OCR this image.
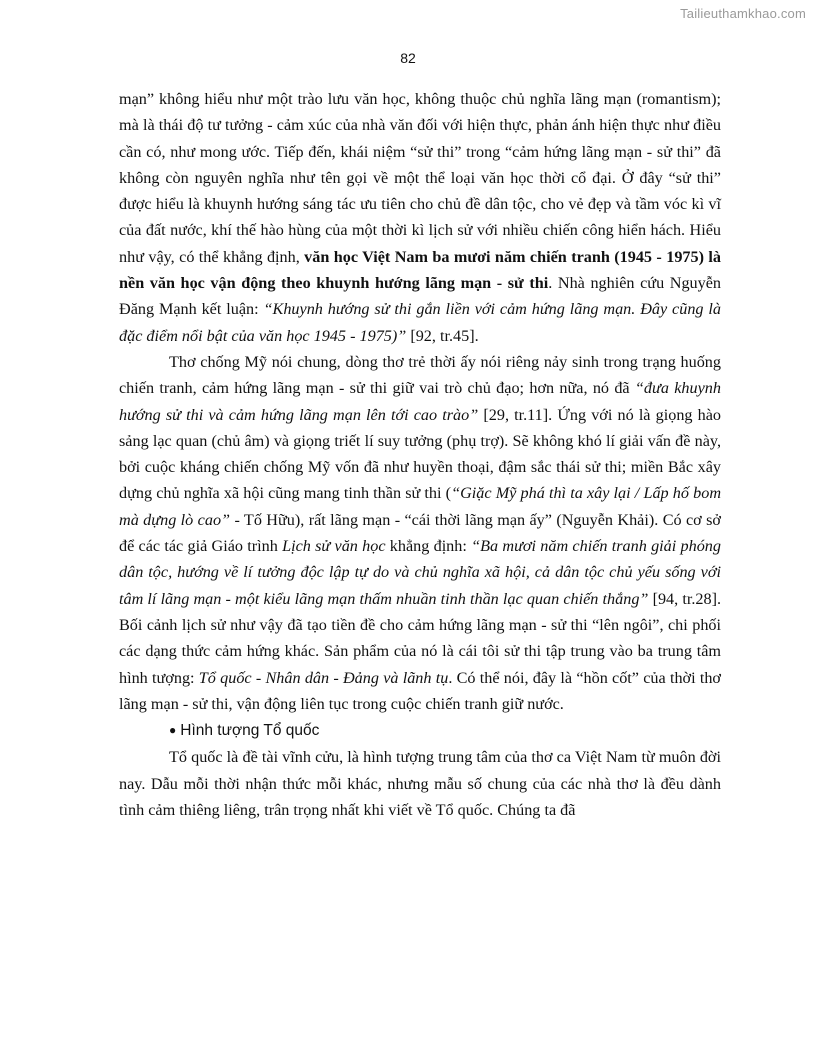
Tailieuthamkhao.com
82

mạn” không hiểu như một trào lưu văn học, không thuộc chủ nghĩa lãng mạn (romantism); mà là thái độ tư tưởng - cảm xúc của nhà văn đối với hiện thực, phản ánh hiện thực như điều cần có, như mong ước. Tiếp đến, khái niệm “sử thi” trong “cảm hứng lãng mạn - sử thi” đã không còn nguyên nghĩa như tên gọi về một thể loại văn học thời cổ đại. Ở đây “sử thi” được hiểu là khuynh hướng sáng tác ưu tiên cho chủ đề dân tộc, cho vẻ đẹp và tầm vóc kì vĩ của đất nước, khí thế hào hùng của một thời kì lịch sử với nhiều chiến công hiển hách. Hiểu như vậy, có thể khẳng định, văn học Việt Nam ba mươi năm chiến tranh (1945 - 1975) là nền văn học vận động theo khuynh hướng lãng mạn - sử thi. Nhà nghiên cứu Nguyễn Đăng Mạnh kết luận: “Khuynh hướng sử thi gắn liền với cảm hứng lãng mạn. Đây cũng là đặc điểm nổi bật của văn học 1945 - 1975)” [92, tr.45].

Thơ chống Mỹ nói chung, dòng thơ trẻ thời ấy nói riêng nảy sinh trong trạng huống chiến tranh, cảm hứng lãng mạn - sử thi giữ vai trò chủ đạo; hơn nữa, nó đã “đưa khuynh hướng sử thi và cảm hứng lãng mạn lên tới cao trào” [29, tr.11]. Ứng với nó là giọng hào sảng lạc quan (chủ âm) và giọng triết lí suy tưởng (phụ trợ). Sẽ không khó lí giải vấn đề này, bởi cuộc kháng chiến chống Mỹ vốn đã như huyền thoại, đậm sắc thái sử thi; miền Bắc xây dựng chủ nghĩa xã hội cũng mang tinh thần sử thi (“Giặc Mỹ phá thì ta xây lại / Lấp hố bom mà dựng lò cao” - Tố Hữu), rất lãng mạn - “cái thời lãng mạn ấy” (Nguyễn Khải). Có cơ sở để các tác giả Giáo trình Lịch sử văn học khẳng định: “Ba mươi năm chiến tranh giải phóng dân tộc, hướng về lí tưởng độc lập tự do và chủ nghĩa xã hội, cả dân tộc chủ yếu sống với tâm lí lãng mạn - một kiểu lãng mạn thấm nhuần tinh thần lạc quan chiến thắng” [94, tr.28]. Bối cảnh lịch sử như vậy đã tạo tiền đề cho cảm hứng lãng mạn - sử thi “lên ngôi”, chi phối các dạng thức cảm hứng khác. Sản phẩm của nó là cái tôi sử thi tập trung vào ba trung tâm hình tượng: Tổ quốc - Nhân dân - Đảng và lãnh tụ. Có thể nói, đây là “hồn cốt” của thời thơ lãng mạn - sử thi, vận động liên tục trong cuộc chiến tranh giữ nước.

● Hình tượng Tổ quốc

Tổ quốc là đề tài vĩnh cửu, là hình tượng trung tâm của thơ ca Việt Nam từ muôn đời nay. Dẫu mỗi thời nhận thức mỗi khác, nhưng mẫu số chung của các nhà thơ là đều dành tình cảm thiêng liêng, trân trọng nhất khi viết về Tổ quốc. Chúng ta đã
